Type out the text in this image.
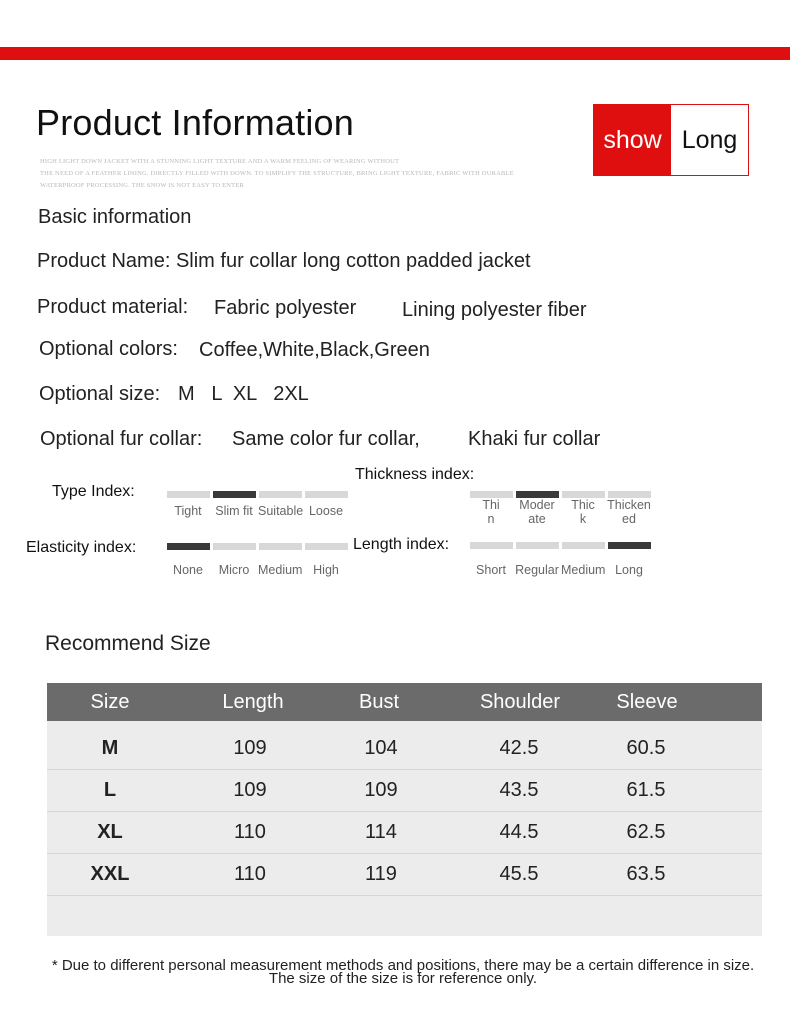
Product Information
HIGH LIGHT DOWN JACKET WITH A STUNNING LIGHT TEXTURE AND A WARM FEELING OF WEARING WITHOUT
THE NEED OF A FEATHER LINING. DIRECTLY FILLED WITH DOWN. TO SIMPLIFY THE STRUCTURE, BRING LIGHT TEXTURE, FABRIC WITH DURABLE
WATERPROOF PROCESSING. THE SNOW IS NOT EASY TO ENTER
show Long
Basic information
Product Name: Slim fur collar long cotton padded jacket
Product material: Fabric polyester Lining polyester fiber
Optional colors: Coffee,White,Black,Green
Optional size: M   L  XL   2XL
Optional fur collar: Same color fur collar, Khaki fur collar
Type Index:
Thickness index:
Elasticity index:	Length index:
Recommend Size
Size	Length	Bust	Shoulder	Sleeve
M	109	104	42.5	60.5
L	109	109	43.5	61.5
XL	110	114	44.5	62.5
XXL	110	119	45.5	63.5
* Due to different personal measurement methods and positions, there may be a certain difference in size.
The size of the size is for reference only.
Tight	Slim fit Suitable Loose	Thi
n
Moder
ate
Thic
k
Thicken
ed
None	Micro Medium High	Short Regular Medium Long
